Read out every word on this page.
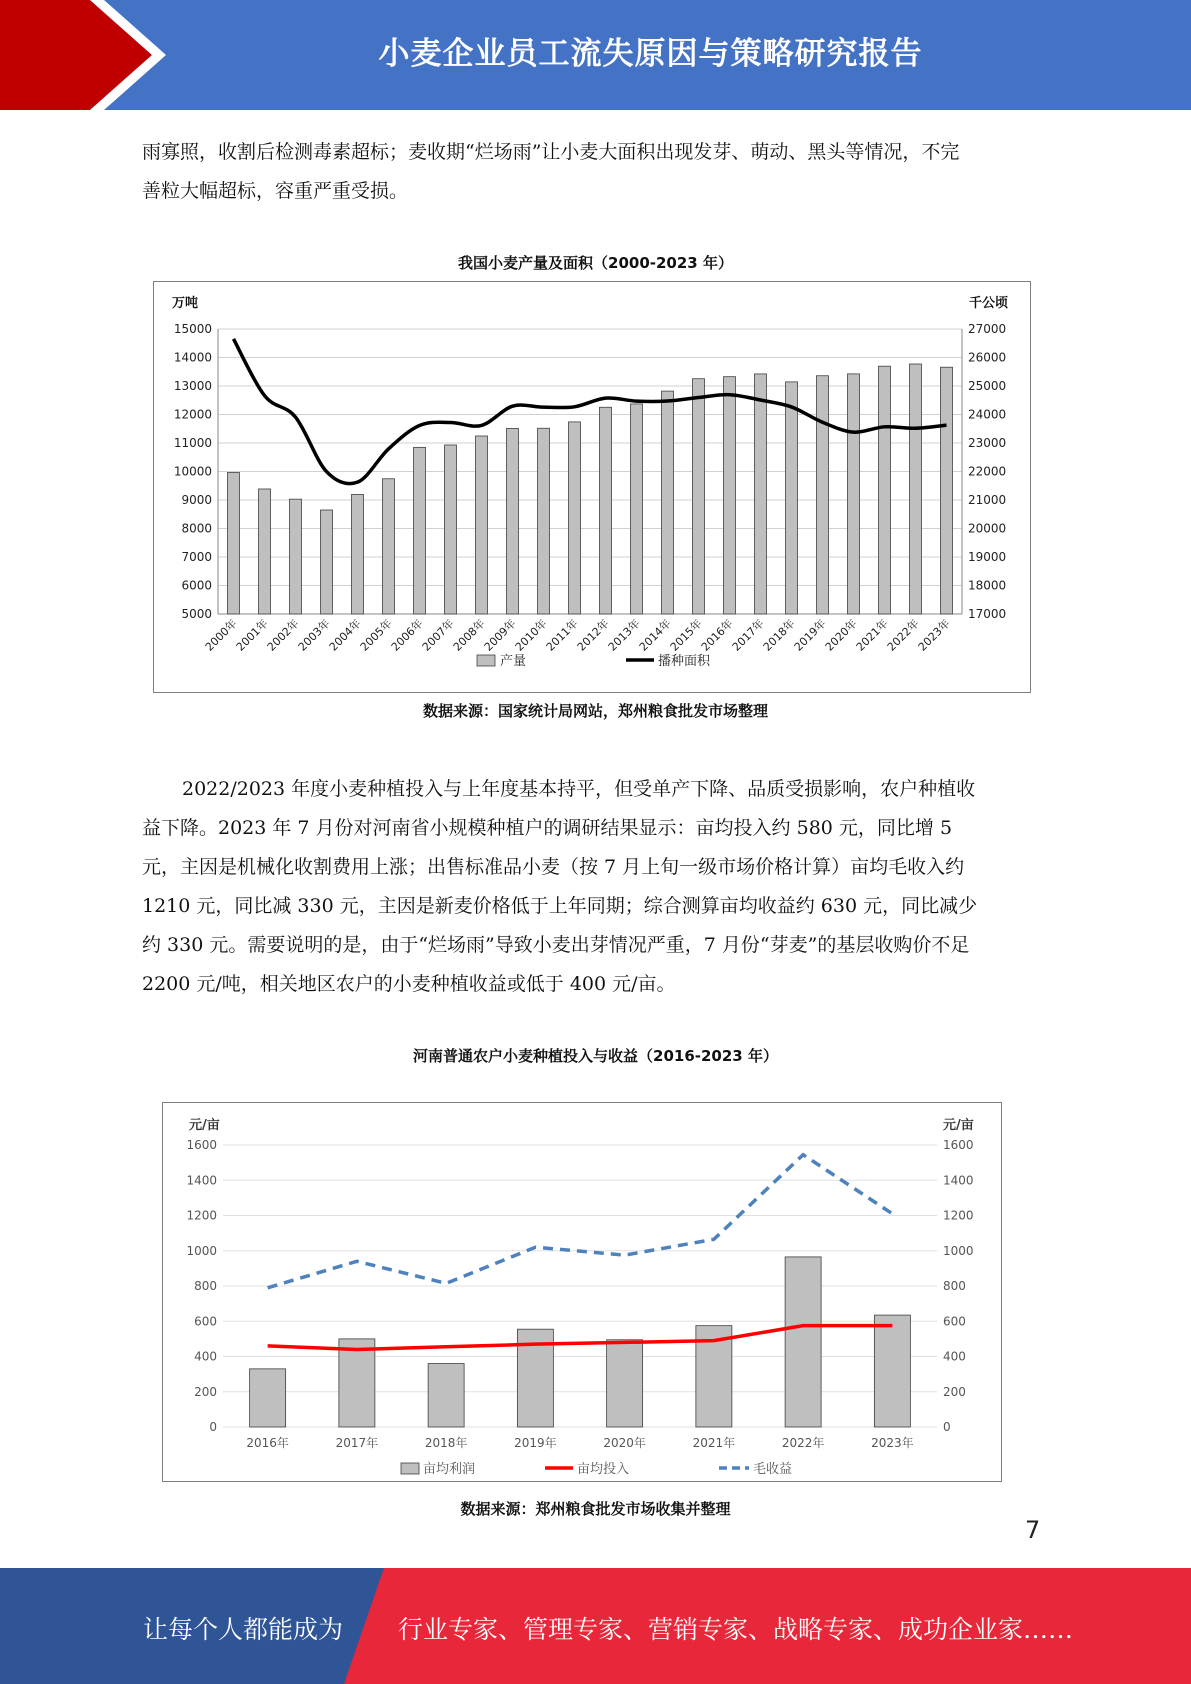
小麦企业员工流失原因与策略研究报告

雨寡照，收割后检测毒素超标；麦收期“烂场雨”让小麦大面积出现发芽、萌动、黑头等情况，不完

善粒大幅超标，容重严重受损。

我国小麦产量及面积（2000-2023 年）
5000
6000
7000
8000
9000
10000
11000
12000
13000
14000
15000
17000
18000
19000
20000
21000
22000
23000
24000
25000
26000
27000
万吨	千公顷
2000年
2001年
2002年
2003年
2004年
2005年
2006年
2007年
2008年
2009年
2010年
2011年
2012年
2013年
2014年
2015年
2016年
2017年
2018年
2019年
2020年
2021年
2022年
2023年
产量	播种面积
数据来源：国家统计局网站，郑州粮食批发市场整理

2022/2023 年度小麦种植投入与上年度基本持平，但受单产下降、品质受损影响，农户种植收

益下降。2023 年 7 月份对河南省小规模种植户的调研结果显示：亩均投入约 580 元，同比增 5

元，主因是机械化收割费用上涨；出售标准品小麦（按 7 月上旬一级市场价格计算）亩均毛收入约

1210 元，同比减 330 元，主因是新麦价格低于上年同期；综合测算亩均收益约 630 元，同比减少

约 330 元。需要说明的是，由于“烂场雨”导致小麦出芽情况严重，7 月份“芽麦”的基层收购价不足

2200 元/吨，相关地区农户的小麦种植收益或低于 400 元/亩。

河南普通农户小麦种植投入与收益（2016-2023 年）
0	0
200	200
400	400
600	600
800	800
1000	1000
1200	1200
1400	1400
1600	1600
元/亩	元/亩
2016年	2017年	2018年	2019年	2020年	2021年	2022年	2023年
亩均利润	亩均投入	毛收益
数据来源：郑州粮食批发市场收集并整理
7
让每个人都能成为 行业专家、管理专家、营销专家、战略专家、成功企业家……
